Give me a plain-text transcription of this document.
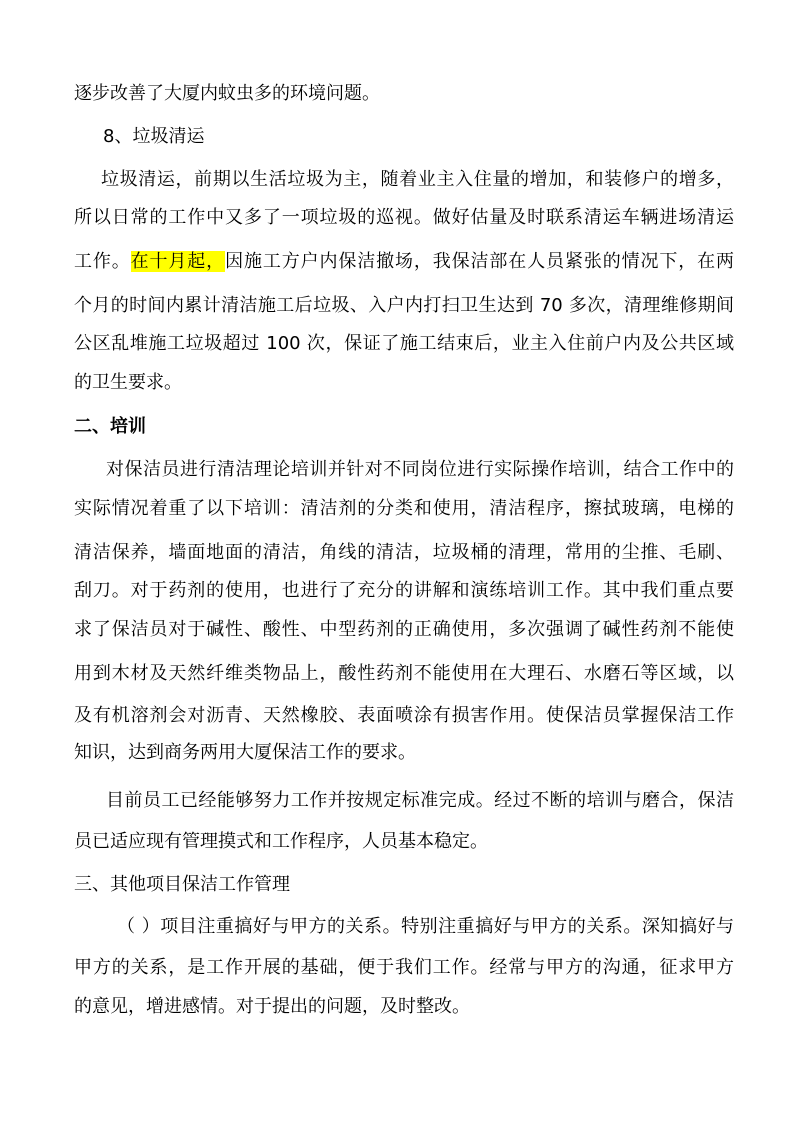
逐步改善了大厦内蚊虫多的环境问题。
8、垃圾清运
垃圾清运，前期以生活垃圾为主，随着业主入住量的增加，和装修户的增多，
所以日常的工作中又多了一项垃圾的巡视。做好估量及时联系清运车辆进场清运
工作。在十月起，因施工方户内保洁撤场，我保洁部在人员紧张的情况下，在两
个月的时间内累计清洁施工后垃圾、入户内打扫卫生达到 70 多次，清理维修期间
公区乱堆施工垃圾超过 100 次，保证了施工结束后，业主入住前户内及公共区域
的卫生要求。
二、培训
对保洁员进行清洁理论培训并针对不同岗位进行实际操作培训，结合工作中的
实际情况着重了以下培训：清洁剂的分类和使用，清洁程序，擦拭玻璃，电梯的
清洁保养，墙面地面的清洁，角线的清洁，垃圾桶的清理，常用的尘推、毛刷、
刮刀。对于药剂的使用，也进行了充分的讲解和演练培训工作。其中我们重点要
求了保洁员对于碱性、酸性、中型药剂的正确使用，多次强调了碱性药剂不能使
用到木材及天然纤维类物品上，酸性药剂不能使用在大理石、水磨石等区域，以
及有机溶剂会对沥青、天然橡胶、表面喷涂有损害作用。使保洁员掌握保洁工作
知识，达到商务两用大厦保洁工作的要求。
目前员工已经能够努力工作并按规定标准完成。经过不断的培训与磨合，保洁
员已适应现有管理摸式和工作程序，人员基本稳定。
三、其他项目保洁工作管理
（ ）项目注重搞好与甲方的关系。特别注重搞好与甲方的关系。深知搞好与
甲方的关系，是工作开展的基础，便于我们工作。经常与甲方的沟通，征求甲方
的意见，增进感情。对于提出的问题，及时整改。
